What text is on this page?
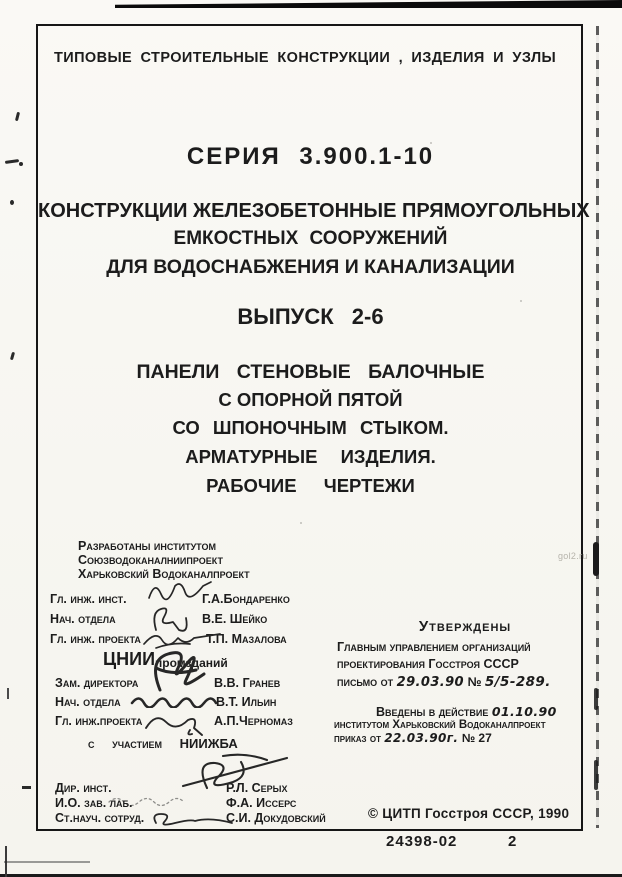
gol2.ru
ТИПОВЫЕ СТРОИТЕЛЬНЫЕ КОНСТРУКЦИИ , ИЗДЕЛИЯ И УЗЛЫ
СЕРИЯ 3.900.1-10
КОНСТРУКЦИИ ЖЕЛЕЗОБЕТОННЫЕ ПРЯМОУГОЛЬНЫХ
ЕМКОСТНЫХ СООРУЖЕНИЙ
ДЛЯ ВОДОСНАБЖЕНИЯ И КАНАЛИЗАЦИИ
ВЫПУСК 2-6
ПАНЕЛИ СТЕНОВЫЕ БАЛОЧНЫЕ
С ОПОРНОЙ ПЯТОЙ
СО ШПОНОЧНЫМ СТЫКОМ.
АРМАТУРНЫЕ ИЗДЕЛИЯ.
РАБОЧИЕ ЧЕРТЕЖИ
Разработаны институтом
Союзводоканалниипроект
Харьковский Водоканалпроект
Гл. инж. инст.	Г.А.Бондаренко
Нач. отдела	В.Е. Шейко
Гл. инж. проекта	Т.П. Мазалова
ЦНИИпромзданий
Зам. директора	В.В. Гранев
Нач. отдела	В.Т. Ильин
Гл. инж.проекта	А.П.Черномаз
с участием НИИЖБА
Дир. инст.	Р.Л. Серых
И.О. зав. лаб.	Ф.А. Иссерс
Ст.науч. сотруд.	С.И. Докудовский
Утверждены
Главным управлением организаций
проектирования Госстроя СССР
письмо от 29.03.90 № 5/5-289.
Введены в действие 01.10.90
институтом Харьковский Водоканалпроект
приказ от 22.03.90г. № 27
© ЦИТП Госстроя СССР, 1990
24398-02	2
